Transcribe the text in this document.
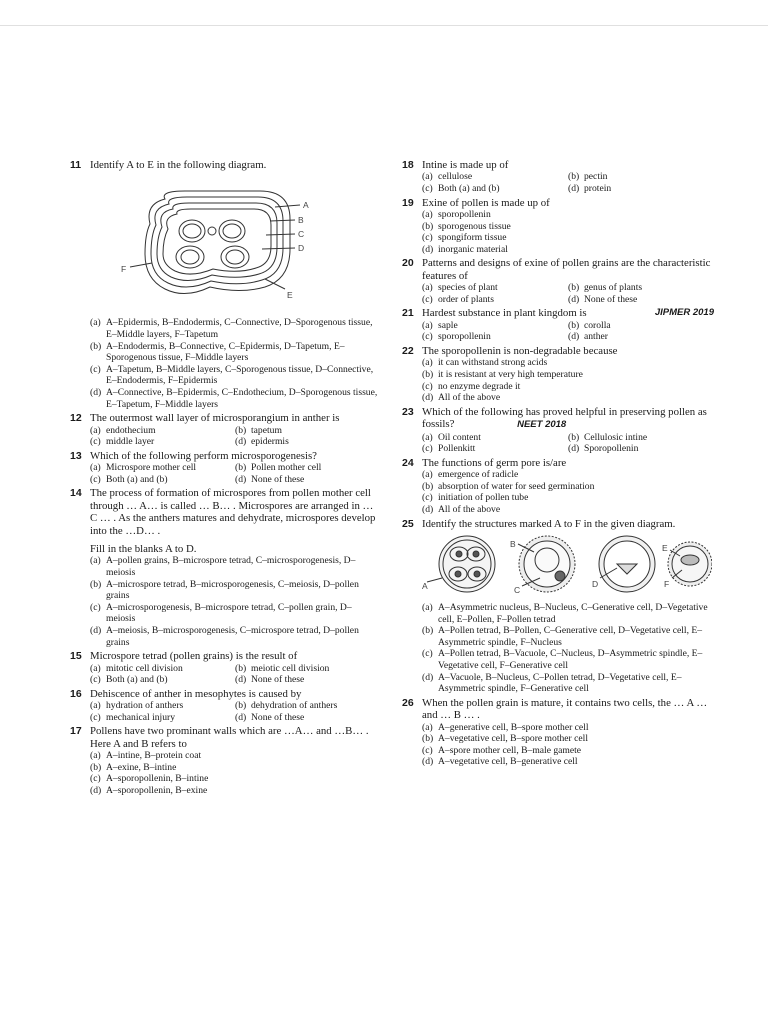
11 Identify A to E in the following diagram.
A
B
C
D
F
E
(a) A–Epidermis, B–Endodermis, C–Connective, D–Sporogenous tissue, E–Middle layers, F–Tapetum
(b) A–Endodermis, B–Connective, C–Epidermis, D–Tapetum, E–Sporogenous tissue, F–Middle layers
(c) A–Tapetum, B–Middle layers, C–Sporogenous tissue, D–Connective, E–Endodermis, F–Epidermis
(d) A–Connective, B–Epidermis, C–Endothecium, D–Sporogenous tissue, E–Tapetum, F–Middle layers
12 The outermost wall layer of microsporangium in anther is
(a) endothecium	(b) tapetum
(c) middle layer	(d) epidermis
13 Which of the following perform microsporogenesis?
(a) Microspore mother cell	(b) Pollen mother cell
(c) Both (a) and (b)	(d) None of these
14 The process of formation of microspores from pollen mother cell through … A… is called … B… . Microspores are arranged in … C … . As the anthers matures and dehydrate, microspores develop into the …D… .
Fill in the blanks A to D.
(a) A–pollen grains, B–microspore tetrad, C–microsporogenesis, D–meiosis
(b) A–microspore tetrad, B–microsporogenesis, C–meiosis, D–pollen grains
(c) A–microsporogenesis, B–microspore tetrad, C–pollen grain, D–meiosis
(d) A–meiosis, B–microsporogenesis, C–microspore tetrad, D–pollen grains
15 Microspore tetrad (pollen grains) is the result of
(a) mitotic cell division	(b) meiotic cell division
(c) Both (a) and (b)	(d) None of these
16 Dehiscence of anther in mesophytes is caused by
(a) hydration of anthers	(b) dehydration of anthers
(c) mechanical injury	(d) None of these
17 Pollens have two prominant walls which are …A… and …B… . Here A and B refers to
(a) A–intine, B–protein coat
(b) A–exine, B–intine
(c) A–sporopollenin, B–intine
(d) A–sporopollenin, B–exine
18 Intine is made up of
(a) cellulose	(b) pectin
(c) Both (a) and (b)	(d) protein
19 Exine of pollen is made up of
(a) sporopollenin
(b) sporogenous tissue
(c) spongiform tissue
(d) inorganic material
20 Patterns and designs of exine of pollen grains are the characteristic features of
(a) species of plant	(b) genus of plants
(c) order of plants	(d) None of these
21	JIPMER 2019
Hardest substance in plant kingdom is
(a) saple	(b) corolla
(c) sporopollenin	(d) anther
22 The sporopollenin is non-degradable because
(a) it can withstand strong acids
(b) it is resistant at very high temperature
(c) no enzyme degrade it
(d) All of the above
23 Which of the following has proved helpful in preserving pollen as fossils?	NEET 2018
(a) Oil content	(b) Cellulosic intine
(c) Pollenkitt	(d) Sporopollenin
24 The functions of germ pore is/are
(a) emergence of radicle
(b) absorption of water for seed germination
(c) initiation of pollen tube
(d) All of the above
25 Identify the structures marked A to F in the given diagram.
A
B
C
D
E
F
(a) A–Asymmetric nucleus, B–Nucleus, C–Generative cell, D–Vegetative cell, E–Pollen, F–Pollen tetrad
(b) A–Pollen tetrad, B–Pollen, C–Generative cell, D–Vegetative cell, E–Asymmetric spindle, F–Nucleus
(c) A–Pollen tetrad, B–Vacuole, C–Nucleus, D–Asymmetric spindle, E–Vegetative cell, F–Generative cell
(d) A–Vacuole, B–Nucleus, C–Pollen tetrad, D–Vegetative cell, E–Asymmetric spindle, F–Generative cell
26 When the pollen grain is mature, it contains two cells, the … A … and … B … .
(a) A–generative cell, B–spore mother cell
(b) A–vegetative cell, B–spore mother cell
(c) A–spore mother cell, B–male gamete
(d) A–vegetative cell, B–generative cell
